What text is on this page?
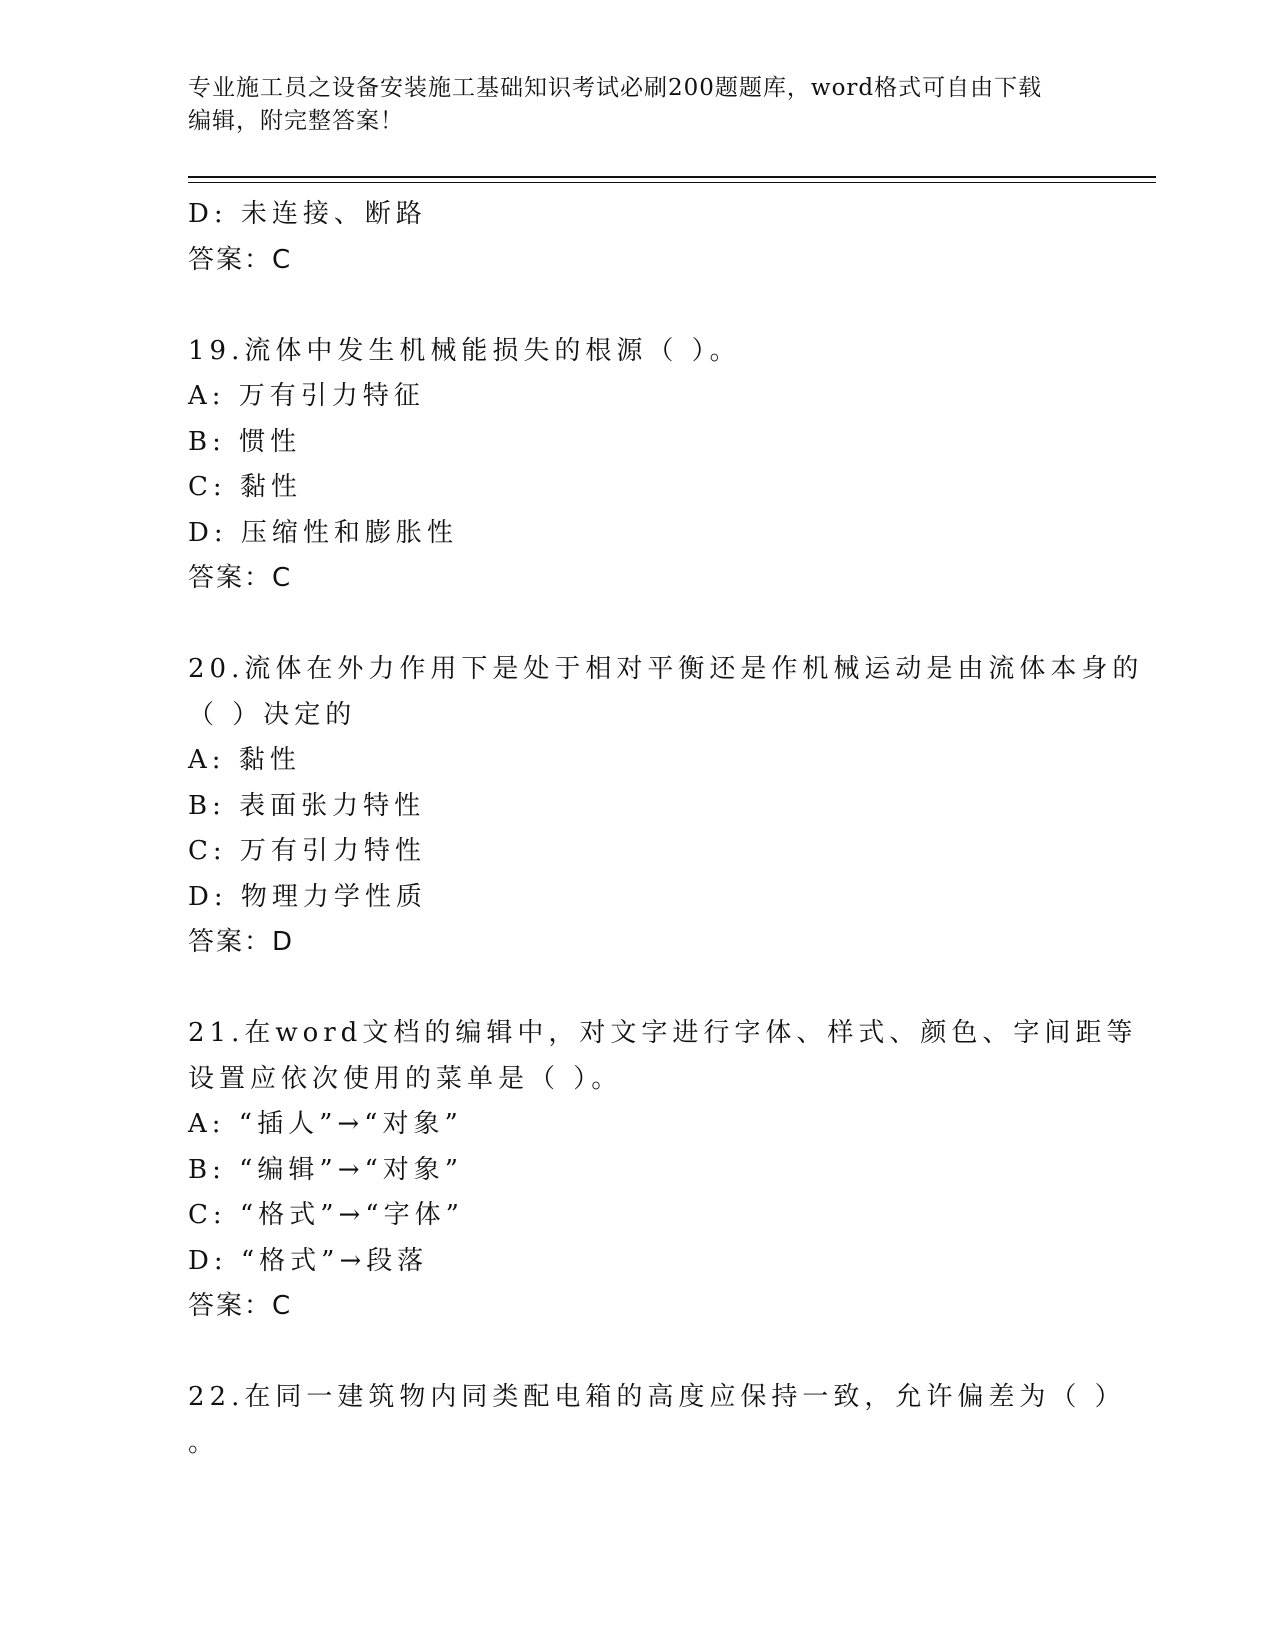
专业施工员之设备安装施工基础知识考试必刷200题题库，word格式可自由下载
编辑，附完整答案！
D: 未连接、断路
答案：C
19.流体中发生机械能损失的根源（ ）。
A: 万有引力特征
B: 惯性
C: 黏性
D: 压缩性和膨胀性
答案：C
20.流体在外力作用下是处于相对平衡还是作机械运动是由流体本身的
（ ）决定的
A: 黏性
B: 表面张力特性
C: 万有引力特性
D: 物理力学性质
答案：D
21.在word文档的编辑中，对文字进行字体、样式、颜色、字间距等
设置应依次使用的菜单是（ ）。
A: “插人”→“对象”
B: “编辑”→“对象”
C: “格式”→“字体”
D: “格式”→段落
答案：C
22.在同一建筑物内同类配电箱的高度应保持一致，允许偏差为（ ）
。
